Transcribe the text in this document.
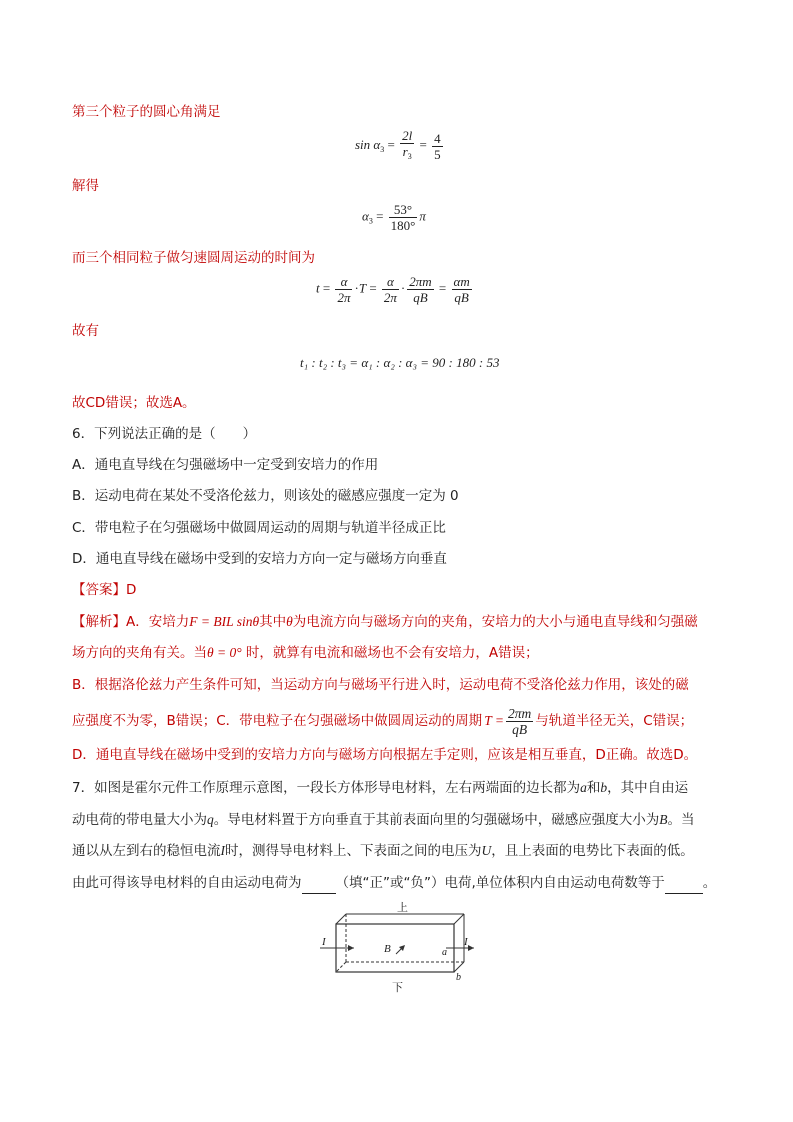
第三个粒子的圆心角满足
$\sin \alpha_3 = \frac{2l}{r_3} = \frac{4}{5}$
解得
$\alpha_3 = \frac{53^\circ}{180^\circ}$ π
而三个相同粒子做匀速圆周运动的时间为
$t = \frac{\alpha}{2\pi} \cdot T = \frac{\alpha}{2\pi} \cdot \frac{2\pi m}{qB} = \frac{\alpha m}{qB}$
故有
t₁ : t₂ : t₃ = α₁ : α₂ : α₃ = 90 : 180 : 53
故CD错误；故选A。
6．下列说法正确的是（　　）
A．通电直导线在匀强磁场中一定受到安培力的作用
B．运动电荷在某处不受洛伦兹力，则该处的磁感应强度一定为 0
C．带电粒子在匀强磁场中做圆周运动的周期与轨道半径成正比
D．通电直导线在磁场中受到的安培力方向一定与磁场方向垂直
【答案】D
【解析】A．安培力F = BIL sinθ其中θ为电流方向与磁场方向的夹角，安培力的大小与通电直导线和匀强磁
场方向的夹角有关。当θ = 0° 时，就算有电流和磁场也不会有安培力，A错误；
B．根据洛伦兹力产生条件可知，当运动方向与磁场平行进入时，运动电荷不受洛伦兹力作用，该处的磁
应强度不为零，B错误；C．带电粒子在匀强磁场中做圆周运动的周期 $T = \frac{2\pi m}{qB}$ 与轨道半径无关，C错误；
D．通电直导线在磁场中受到的安培力方向与磁场方向根据左手定则，应该是相互垂直，D正确。故选D。
7．如图是霍尔元件工作原理示意图，一段长方体形导电材料，左右两端面的边长都为a和b，其中自由运
动电荷的带电量大小为q。导电材料置于方向垂直于其前表面向里的匀强磁场中，磁感应强度大小为B。当
通以从左到右的稳恒电流I时，测得导电材料上、下表面之间的电压为U，且上表面的电势比下表面的低。
由此可得该导电材料的自由运动电荷为	（填“正”或“负”）电荷,单位体积内自由运动电荷数等于	。
上
下
I	I
B	a
b
